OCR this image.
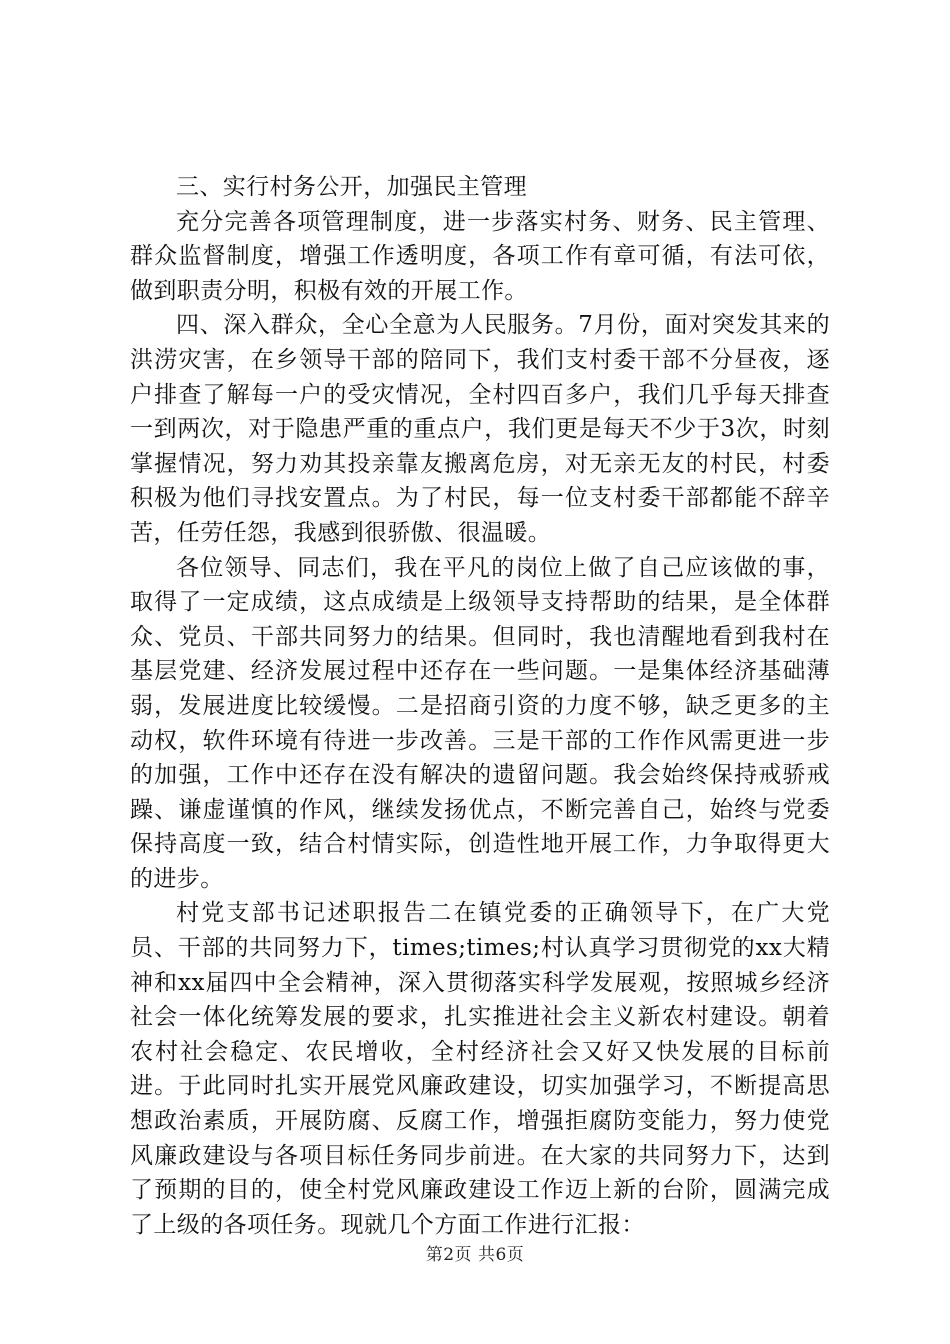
三、实行村务公开，加强民主管理

充分完善各项管理制度，进一步落实村务、财务、民主管理、群众监督制度，增强工作透明度，各项工作有章可循，有法可依，做到职责分明，积极有效的开展工作。

四、深入群众，全心全意为人民服务。7月份，面对突发其来的洪涝灾害，在乡领导干部的陪同下，我们支村委干部不分昼夜，逐户排查了解每一户的受灾情况，全村四百多户，我们几乎每天排查一到两次，对于隐患严重的重点户，我们更是每天不少于3次，时刻掌握情况，努力劝其投亲靠友搬离危房，对无亲无友的村民，村委积极为他们寻找安置点。为了村民，每一位支村委干部都能不辞辛苦，任劳任怨，我感到很骄傲、很温暖。

各位领导、同志们，我在平凡的岗位上做了自己应该做的事，取得了一定成绩，这点成绩是上级领导支持帮助的结果，是全体群众、党员、干部共同努力的结果。但同时，我也清醒地看到我村在基层党建、经济发展过程中还存在一些问题。一是集体经济基础薄弱，发展进度比较缓慢。二是招商引资的力度不够，缺乏更多的主动权，软件环境有待进一步改善。三是干部的工作作风需更进一步的加强，工作中还存在没有解决的遗留问题。我会始终保持戒骄戒躁、谦虚谨慎的作风，继续发扬优点，不断完善自己，始终与党委保持高度一致，结合村情实际，创造性地开展工作，力争取得更大的进步。

村党支部书记述职报告二在镇党委的正确领导下，在广大党员、干部的共同努力下，times;times;村认真学习贯彻党的xx大精神和xx届四中全会精神，深入贯彻落实科学发展观，按照城乡经济社会一体化统筹发展的要求，扎实推进社会主义新农村建设。朝着农村社会稳定、农民增收，全村经济社会又好又快发展的目标前进。于此同时扎实开展党风廉政建设，切实加强学习，不断提高思想政治素质，开展防腐、反腐工作，增强拒腐防变能力，努力使党风廉政建设与各项目标任务同步前进。在大家的共同努力下，达到了预期的目的，使全村党风廉政建设工作迈上新的台阶，圆满完成了上级的各项任务。现就几个方面工作进行汇报：

第2页 共6页
